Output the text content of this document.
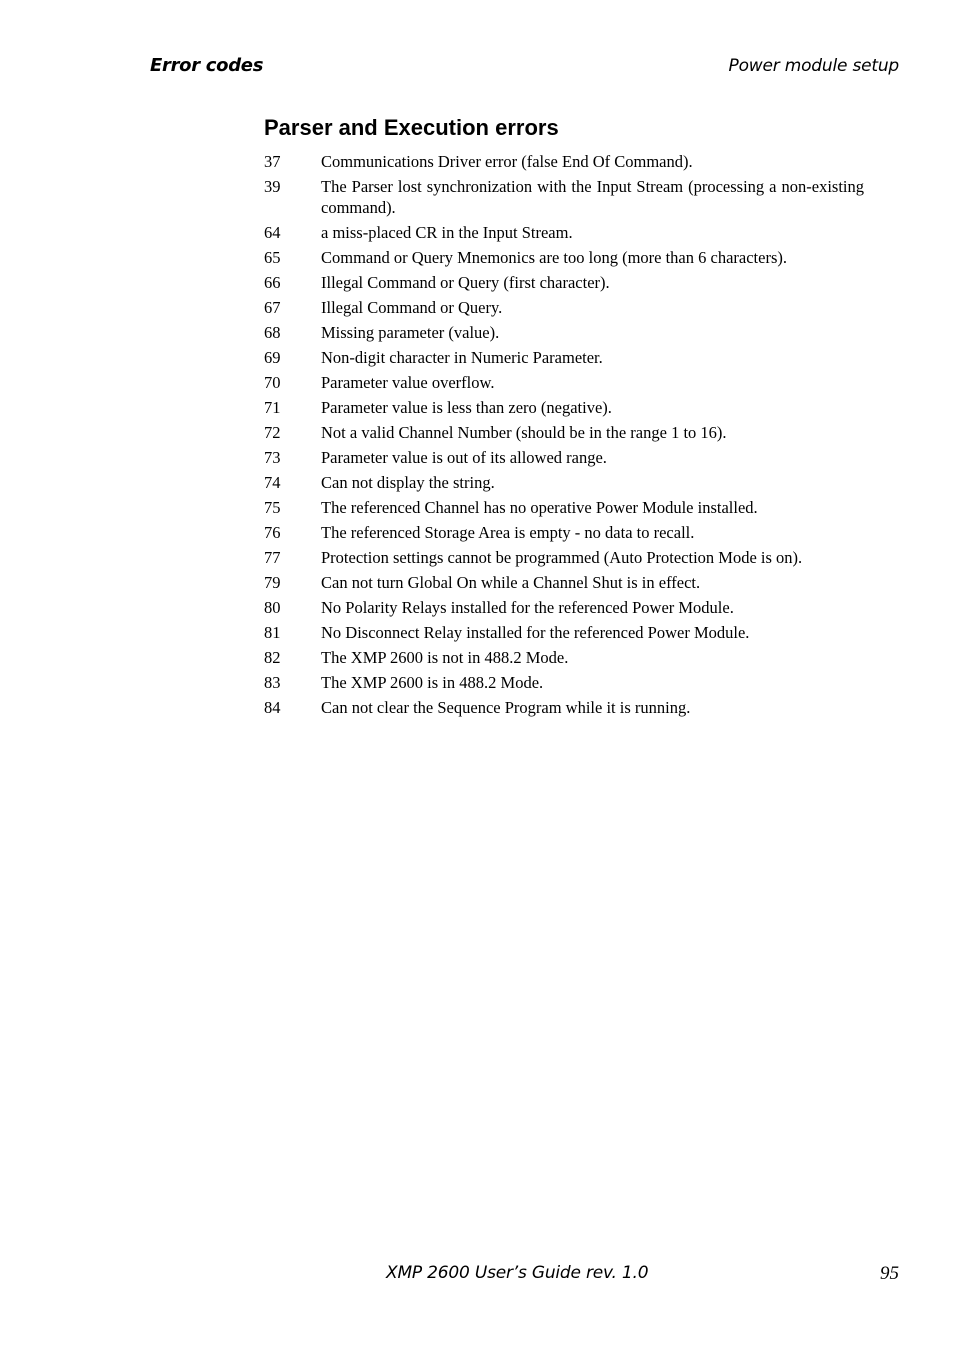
Error codes	Power module setup
Parser and Execution errors
37	Communications Driver error (false End Of Command).
39	The Parser lost synchronization with the Input Stream (processing a non-existing command).
64	a miss-placed CR in the Input Stream.
65	Command or Query Mnemonics are too long (more than 6 characters).
66	Illegal Command or Query (first character).
67	Illegal Command or Query.
68	Missing parameter (value).
69	Non-digit character in Numeric Parameter.
70	Parameter value overflow.
71	Parameter value is less than zero (negative).
72	Not a valid Channel Number (should be in the range 1 to 16).
73	Parameter value is out of its allowed range.
74	Can not display the string.
75	The referenced Channel has no operative Power Module installed.
76	The referenced Storage Area is empty - no data to recall.
77	Protection settings cannot be programmed (Auto Protection Mode is on).
79	Can not turn Global On while a Channel Shut is in effect.
80	No Polarity Relays installed for the referenced Power Module.
81	No Disconnect Relay installed for the referenced Power Module.
82	The XMP 2600 is not in 488.2 Mode.
83	The XMP 2600 is in 488.2 Mode.
84	Can not clear the Sequence Program while it is running.
XMP 2600 User’s Guide rev. 1.0	95
